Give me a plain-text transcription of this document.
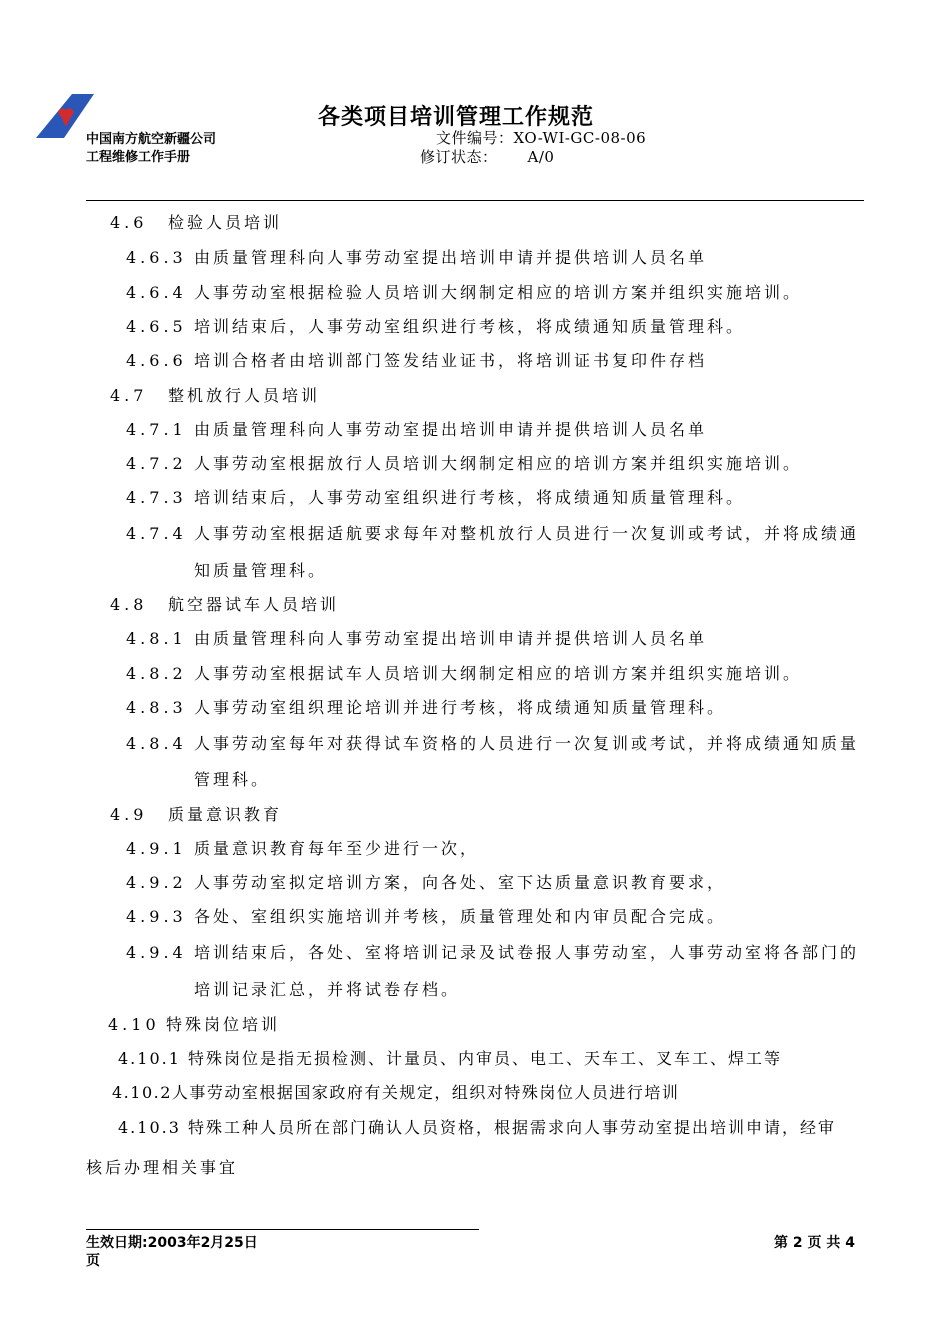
中国南方航空新疆公司
工程维修工作手册
各类项目培训管理工作规范
文件编号：XO-WI-GC-08-06
修订状态： A/0
4.6 检验人员培训
4.6.3 由质量管理科向人事劳动室提出培训申请并提供培训人员名单
4.6.4 人事劳动室根据检验人员培训大纲制定相应的培训方案并组织实施培训。
4.6.5 培训结束后，人事劳动室组织进行考核，将成绩通知质量管理科。
4.6.6 培训合格者由培训部门签发结业证书，将培训证书复印件存档
4.7 整机放行人员培训
4.7.1 由质量管理科向人事劳动室提出培训申请并提供培训人员名单
4.7.2 人事劳动室根据放行人员培训大纲制定相应的培训方案并组织实施培训。
4.7.3 培训结束后，人事劳动室组织进行考核，将成绩通知质量管理科。
4.7.4 人事劳动室根据适航要求每年对整机放行人员进行一次复训或考试，并将成绩通
知质量管理科。
4.8 航空器试车人员培训
4.8.1 由质量管理科向人事劳动室提出培训申请并提供培训人员名单
4.8.2 人事劳动室根据试车人员培训大纲制定相应的培训方案并组织实施培训。
4.8.3 人事劳动室组织理论培训并进行考核，将成绩通知质量管理科。
4.8.4 人事劳动室每年对获得试车资格的人员进行一次复训或考试，并将成绩通知质量
管理科。
4.9 质量意识教育
4.9.1 质量意识教育每年至少进行一次，
4.9.2 人事劳动室拟定培训方案，向各处、室下达质量意识教育要求，
4.9.3 各处、室组织实施培训并考核，质量管理处和内审员配合完成。
4.9.4 培训结束后，各处、室将培训记录及试卷报人事劳动室，人事劳动室将各部门的
培训记录汇总，并将试卷存档。
4.10 特殊岗位培训
4.10.1 特殊岗位是指无损检测、计量员、内审员、电工、天车工、叉车工、焊工等
4.10.2人事劳动室根据国家政府有关规定，组织对特殊岗位人员进行培训
4.10.3 特殊工种人员所在部门确认人员资格，根据需求向人事劳动室提出培训申请，经审
核后办理相关事宜
生效日期:2003年2月25日	第 2 页 共 4
页
